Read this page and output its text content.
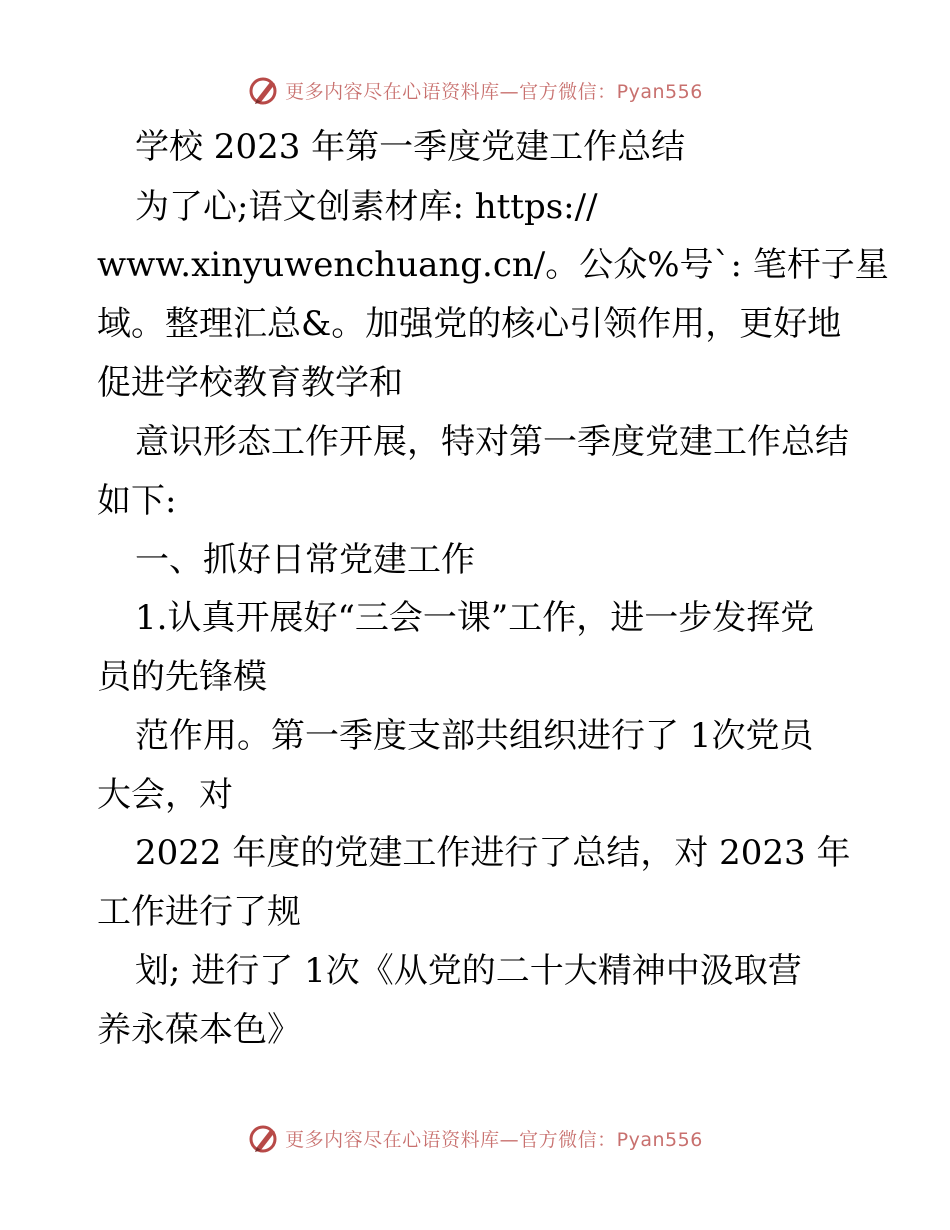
更多内容尽在心语资料库—官方微信：Pyan556
学校 2023 年第一季度党建工作总结
为了心;语文创素材库: https://
www.xinyuwenchuang.cn/。公众%号`: 笔杆子星
域。整理汇总&。加强党的核心引领作用，更好地
促进学校教育教学和
意识形态工作开展，特对第一季度党建工作总结
如下:
一、抓好日常党建工作
1.认真开展好“三会一课”工作，进一步发挥党
员的先锋模
范作用。第一季度支部共组织进行了 1次党员
大会，对
2022 年度的党建工作进行了总结，对 2023 年
工作进行了规
划; 进行了 1次《从党的二十大精神中汲取营
养永葆本色》
更多内容尽在心语资料库—官方微信：Pyan556
